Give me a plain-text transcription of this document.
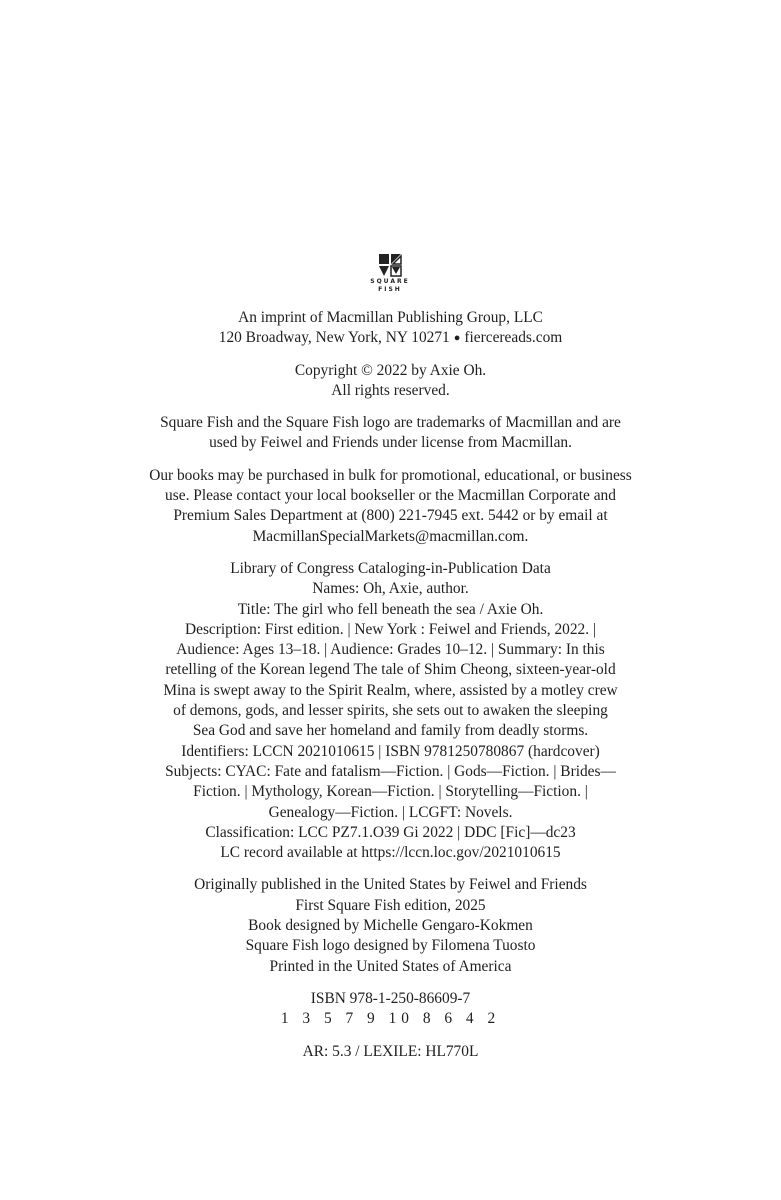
SQUARE
FISH
An imprint of Macmillan Publishing Group, LLC
120 Broadway, New York, NY 10271 ● fiercereads.com
Copyright © 2022 by Axie Oh.
All rights reserved.
Square Fish and the Square Fish logo are trademarks of Macmillan and are
used by Feiwel and Friends under license from Macmillan.
Our books may be purchased in bulk for promotional, educational, or business
use. Please contact your local bookseller or the Macmillan Corporate and
Premium Sales Department at (800) 221-7945 ext. 5442 or by email at
MacmillanSpecialMarkets@macmillan.com.
Library of Congress Cataloging-in-Publication Data
Names: Oh, Axie, author.
Title: The girl who fell beneath the sea / Axie Oh.
Description: First edition. | New York : Feiwel and Friends, 2022. |
Audience: Ages 13–18. | Audience: Grades 10–12. | Summary: In this
retelling of the Korean legend The tale of Shim Cheong, sixteen-year-old
Mina is swept away to the Spirit Realm, where, assisted by a motley crew
of demons, gods, and lesser spirits, she sets out to awaken the sleeping
Sea God and save her homeland and family from deadly storms.
Identifiers: LCCN 2021010615 | ISBN 9781250780867 (hardcover)
Subjects: CYAC: Fate and fatalism—Fiction. | Gods—Fiction. | Brides—
Fiction. | Mythology, Korean—Fiction. | Storytelling—Fiction. |
Genealogy—Fiction. | LCGFT: Novels.
Classification: LCC PZ7.1.O39 Gi 2022 | DDC [Fic]—dc23
LC record available at https://lccn.loc.gov/2021010615
Originally published in the United States by Feiwel and Friends
First Square Fish edition, 2025
Book designed by Michelle Gengaro-Kokmen
Square Fish logo designed by Filomena Tuosto
Printed in the United States of America
ISBN 978-1-250-86609-7
1 3 5 7 9 10 8 6 4 2
AR: 5.3 / LEXILE: HL770L
